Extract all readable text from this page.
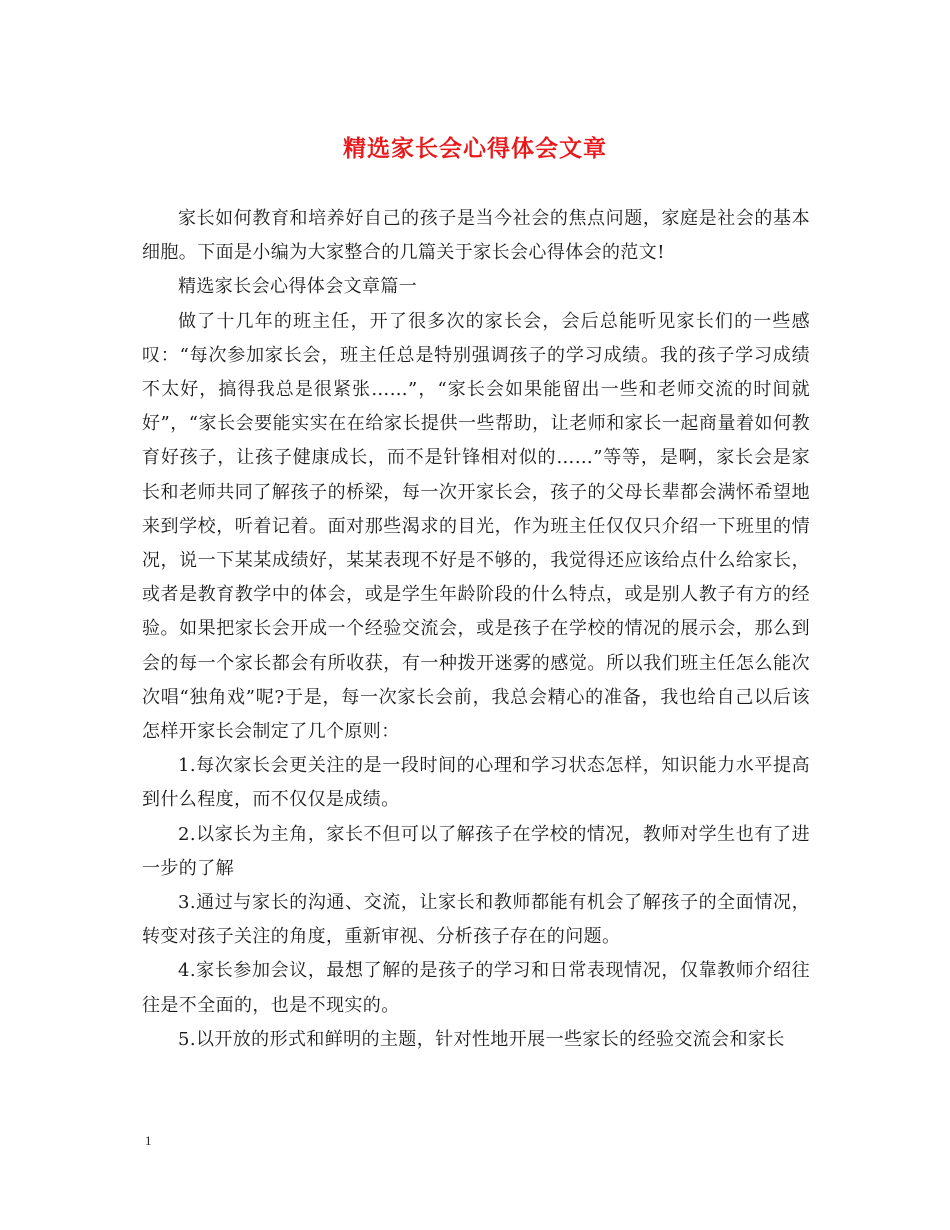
精选家长会心得体会文章

家长如何教育和培养好自己的孩子是当今社会的焦点问题，家庭是社会的基本细胞。下面是小编为大家整合的几篇关于家长会心得体会的范文!

精选家长会心得体会文章篇一

做了十几年的班主任，开了很多次的家长会，会后总能听见家长们的一些感叹：“每次参加家长会，班主任总是特别强调孩子的学习成绩。我的孩子学习成绩不太好，搞得我总是很紧张……”，“家长会如果能留出一些和老师交流的时间就好”，“家长会要能实实在在给家长提供一些帮助，让老师和家长一起商量着如何教育好孩子，让孩子健康成长，而不是针锋相对似的……”等等，是啊，家长会是家长和老师共同了解孩子的桥梁，每一次开家长会，孩子的父母长辈都会满怀希望地来到学校，听着记着。面对那些渴求的目光，作为班主任仅仅只介绍一下班里的情况，说一下某某成绩好，某某表现不好是不够的，我觉得还应该给点什么给家长，或者是教育教学中的体会，或是学生年龄阶段的什么特点，或是别人教子有方的经验。如果把家长会开成一个经验交流会，或是孩子在学校的情况的展示会，那么到会的每一个家长都会有所收获，有一种拨开迷雾的感觉。所以我们班主任怎么能次次唱“独角戏”呢?于是，每一次家长会前，我总会精心的准备，我也给自己以后该怎样开家长会制定了几个原则：

1.每次家长会更关注的是一段时间的心理和学习状态怎样，知识能力水平提高到什么程度，而不仅仅是成绩。

2.以家长为主角，家长不但可以了解孩子在学校的情况，教师对学生也有了进一步的了解

3.通过与家长的沟通、交流，让家长和教师都能有机会了解孩子的全面情况，转变对孩子关注的角度，重新审视、分析孩子存在的问题。

4.家长参加会议，最想了解的是孩子的学习和日常表现情况，仅靠教师介绍往往是不全面的，也是不现实的。

5.以开放的形式和鲜明的主题，针对性地开展一些家长的经验交流会和家长

1
